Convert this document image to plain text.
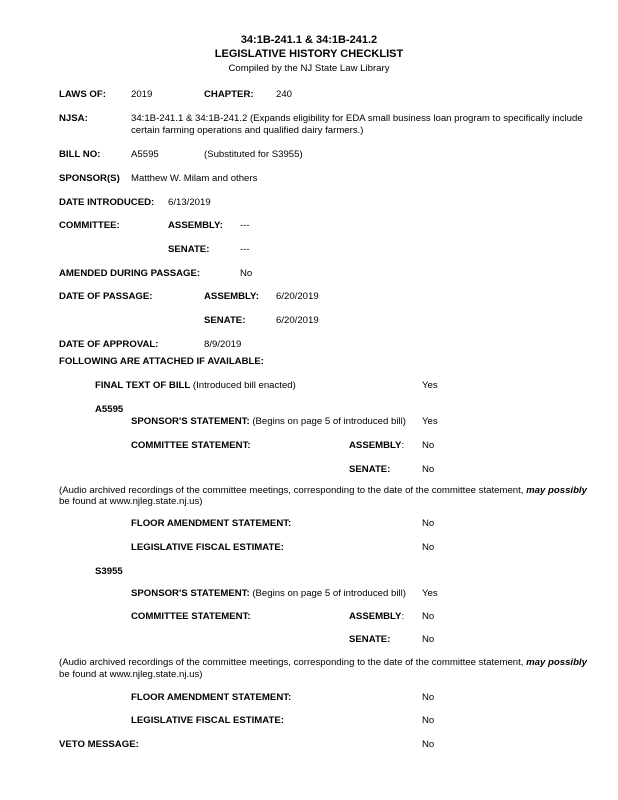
34:1B-241.1 & 34:1B-241.2
LEGISLATIVE HISTORY CHECKLIST
Compiled by the NJ State Law Library
LAWS OF:	2019	CHAPTER: 240
NJSA:	34:1B-241.1 & 34:1B-241.2 (Expands eligibility for EDA small business loan program to specifically include
certain farming operations and qualified dairy farmers.)
BILL NO:	A5595	(Substituted for S3955)
SPONSOR(S) Matthew W. Milam and others
DATE INTRODUCED: 6/13/2019
COMMITTEE:	ASSEMBLY: ---
SENATE:	---
AMENDED DURING PASSAGE:	No
DATE OF PASSAGE:	ASSEMBLY: 6/20/2019
SENATE:	6/20/2019
DATE OF APPROVAL:	8/9/2019
FOLLOWING ARE ATTACHED IF AVAILABLE:
FINAL TEXT OF BILL (Introduced bill enacted)	Yes
A5595
SPONSOR'S STATEMENT: (Begins on page 5 of introduced bill) Yes
COMMITTEE STATEMENT:	ASSEMBLY: No
SENATE:	No
(Audio archived recordings of the committee meetings, corresponding to the date of the committee statement, may possibly
be found at www.njleg.state.nj.us)
FLOOR AMENDMENT STATEMENT:	No
LEGISLATIVE FISCAL ESTIMATE:	No
S3955
SPONSOR'S STATEMENT: (Begins on page 5 of introduced bill) Yes
COMMITTEE STATEMENT:	ASSEMBLY: No
SENATE:	No
(Audio archived recordings of the committee meetings, corresponding to the date of the committee statement, may possibly
be found at www.njleg.state.nj.us)
FLOOR AMENDMENT STATEMENT:	No
LEGISLATIVE FISCAL ESTIMATE:	No
VETO MESSAGE:	No
